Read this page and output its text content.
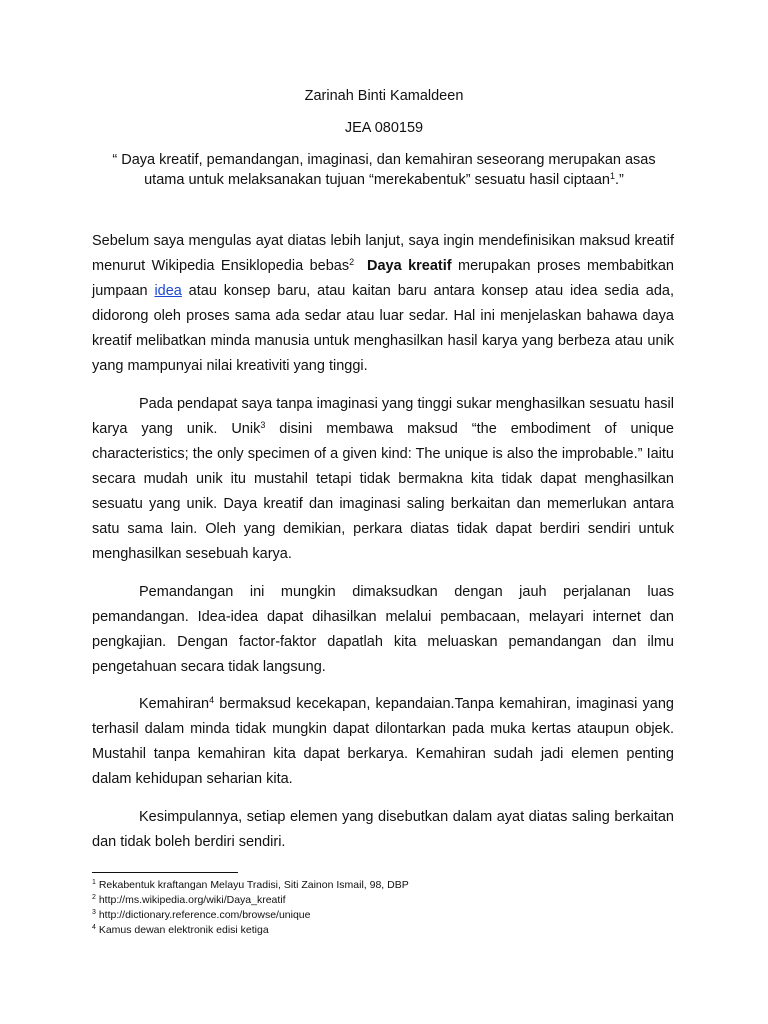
Zarinah Binti Kamaldeen
JEA 080159
“ Daya kreatif, pemandangan, imaginasi, dan kemahiran seseorang merupakan asas utama untuk melaksanakan tujuan “merekabentuk” sesuatu hasil ciptaan$^1$.”

Sebelum saya mengulas ayat diatas lebih lanjut, saya ingin mendefinisikan maksud kreatif menurut Wikipedia Ensiklopedia bebas$^2$ Daya kreatif merupakan proses membabitkan jumpaan idea atau konsep baru, atau kaitan baru antara konsep atau idea sedia ada, didorong oleh proses sama ada sedar atau luar sedar. Hal ini menjelaskan bahawa daya kreatif melibatkan minda manusia untuk menghasilkan hasil karya yang berbeza atau unik yang mampunyai nilai kreativiti yang tinggi.

Pada pendapat saya tanpa imaginasi yang tinggi sukar menghasilkan sesuatu hasil karya yang unik. Unik$^3$ disini membawa maksud “the embodiment of unique characteristics; the only specimen of a given kind: The unique is also the improbable.” Iaitu secara mudah unik itu mustahil tetapi tidak bermakna kita tidak dapat menghasilkan sesuatu yang unik. Daya kreatif dan imaginasi saling berkaitan dan memerlukan antara satu sama lain. Oleh yang demikian, perkara diatas tidak dapat berdiri sendiri untuk menghasilkan sesebuah karya.

Pemandangan ini mungkin dimaksudkan dengan jauh perjalanan luas pemandangan. Idea-idea dapat dihasilkan melalui pembacaan, melayari internet dan pengkajian. Dengan factor-faktor dapatlah kita meluaskan pemandangan dan ilmu pengetahuan secara tidak langsung.

Kemahiran$^4$ bermaksud kecekapan, kepandaian.Tanpa kemahiran, imaginasi yang terhasil dalam minda tidak mungkin dapat dilontarkan pada muka kertas ataupun objek. Mustahil tanpa kemahiran kita dapat berkarya. Kemahiran sudah jadi elemen penting dalam kehidupan seharian kita.

Kesimpulannya, setiap elemen yang disebutkan dalam ayat diatas saling berkaitan dan tidak boleh berdiri sendiri.

$^1$ Rekabentuk kraftangan Melayu Tradisi, Siti Zainon Ismail, 98, DBP
$^2$ http://ms.wikipedia.org/wiki/Daya_kreatif
$^3$ http://dictionary.reference.com/browse/unique
$^4$ Kamus dewan elektronik edisi ketiga
